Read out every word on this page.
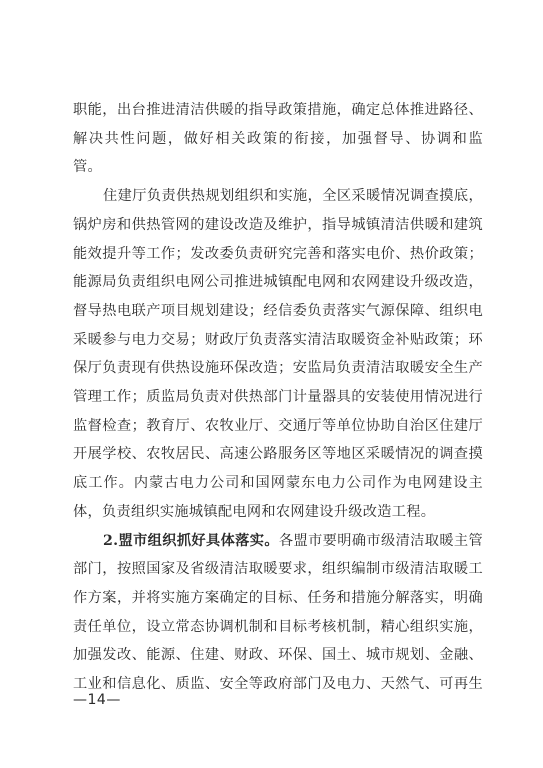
职能，出台推进清洁供暖的指导政策措施，确定总体推进路径、
解决共性问题，做好相关政策的衔接，加强督导、协调和监
管。
住建厅负责供热规划组织和实施，全区采暖情况调查摸底，
锅炉房和供热管网的建设改造及维护，指导城镇清洁供暖和建筑
能效提升等工作；发改委负责研究完善和落实电价、热价政策；
能源局负责组织电网公司推进城镇配电网和农网建设升级改造，
督导热电联产项目规划建设；经信委负责落实气源保障、组织电
采暖参与电力交易；财政厅负责落实清洁取暖资金补贴政策；环
保厅负责现有供热设施环保改造；安监局负责清洁取暖安全生产
管理工作；质监局负责对供热部门计量器具的安装使用情况进行
监督检查；教育厅、农牧业厅、交通厅等单位协助自治区住建厅
开展学校、农牧居民、高速公路服务区等地区采暖情况的调查摸
底工作。内蒙古电力公司和国网蒙东电力公司作为电网建设主
体，负责组织实施城镇配电网和农网建设升级改造工程。
2.盟市组织抓好具体落实。各盟市要明确市级清洁取暖主管
部门，按照国家及省级清洁取暖要求，组织编制市级清洁取暖工
作方案，并将实施方案确定的目标、任务和措施分解落实，明确
责任单位，设立常态协调机制和目标考核机制，精心组织实施，
加强发改、能源、住建、财政、环保、国土、城市规划、金融、
工业和信息化、质监、安全等政府部门及电力、天然气、可再生
—14—
